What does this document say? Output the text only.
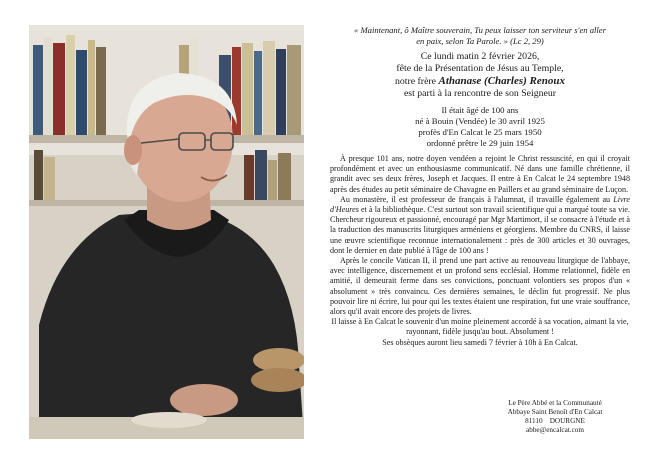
« Maintenant, ô Maître souverain, Tu peux laisser ton serviteur s'en aller
en paix, selon Ta Parole. » (Lc 2, 29)
Ce lundi matin 2 février 2026,
fête de la Présentation de Jésus au Temple,
notre frère Athanase (Charles) Renoux
est parti à la rencontre de son Seigneur
Il était âgé de 100 ans
né à Bouin (Vendée) le 30 avril 1925
profès d'En Calcat le 25 mars 1950
ordonné prêtre le 29 juin 1954

À presque 101 ans, notre doyen vendéen a rejoint le Christ ressuscité, en qui il croyait profondément et avec un enthousiasme communicatif. Né dans une famille chrétienne, il grandit avec ses deux frères, Joseph et Jacques. Il entre à En Calcat le 24 septembre 1948 après des études au petit séminaire de Chavagne en Paillers et au grand séminaire de Luçon.

Au monastère, il est professeur de français à l'alumnat, il travaille également au Livre d'Heures et à la bibliothèque. C'est surtout son travail scientifique qui a marqué toute sa vie. Chercheur rigoureux et passionné, encouragé par Mgr Martimort, il se consacre à l'étude et à la traduction des manuscrits liturgiques arméniens et géorgiens. Membre du CNRS, il laisse une œuvre scientifique reconnue internationalement : près de 300 articles et 30 ouvrages, dont le dernier en date publié à l'âge de 100 ans !

Après le concile Vatican II, il prend une part active au renouveau liturgique de l'abbaye, avec intelligence, discernement et un profond sens ecclésial. Homme relationnel, fidèle en amitié, il demeurait ferme dans ses convictions, ponctuant volontiers ses propos d'un « absolument » très convaincu. Ces dernières semaines, le déclin fut progressif. Ne plus pouvoir lire ni écrire, lui pour qui les textes étaient une respiration, fut une vraie souffrance, alors qu'il avait encore des projets de livres.

Il laisse à En Calcat le souvenir d'un moine pleinement accordé à sa vocation, aimant la vie, rayonnant, fidèle jusqu'au bout. Absolument !

Ses obsèques auront lieu samedi 7 février à 10h à En Calcat.

Le Père Abbé et la Communauté
Abbaye Saint Benoît d'En Calcat
81110    DOURGNE
abbe@encalcat.com
